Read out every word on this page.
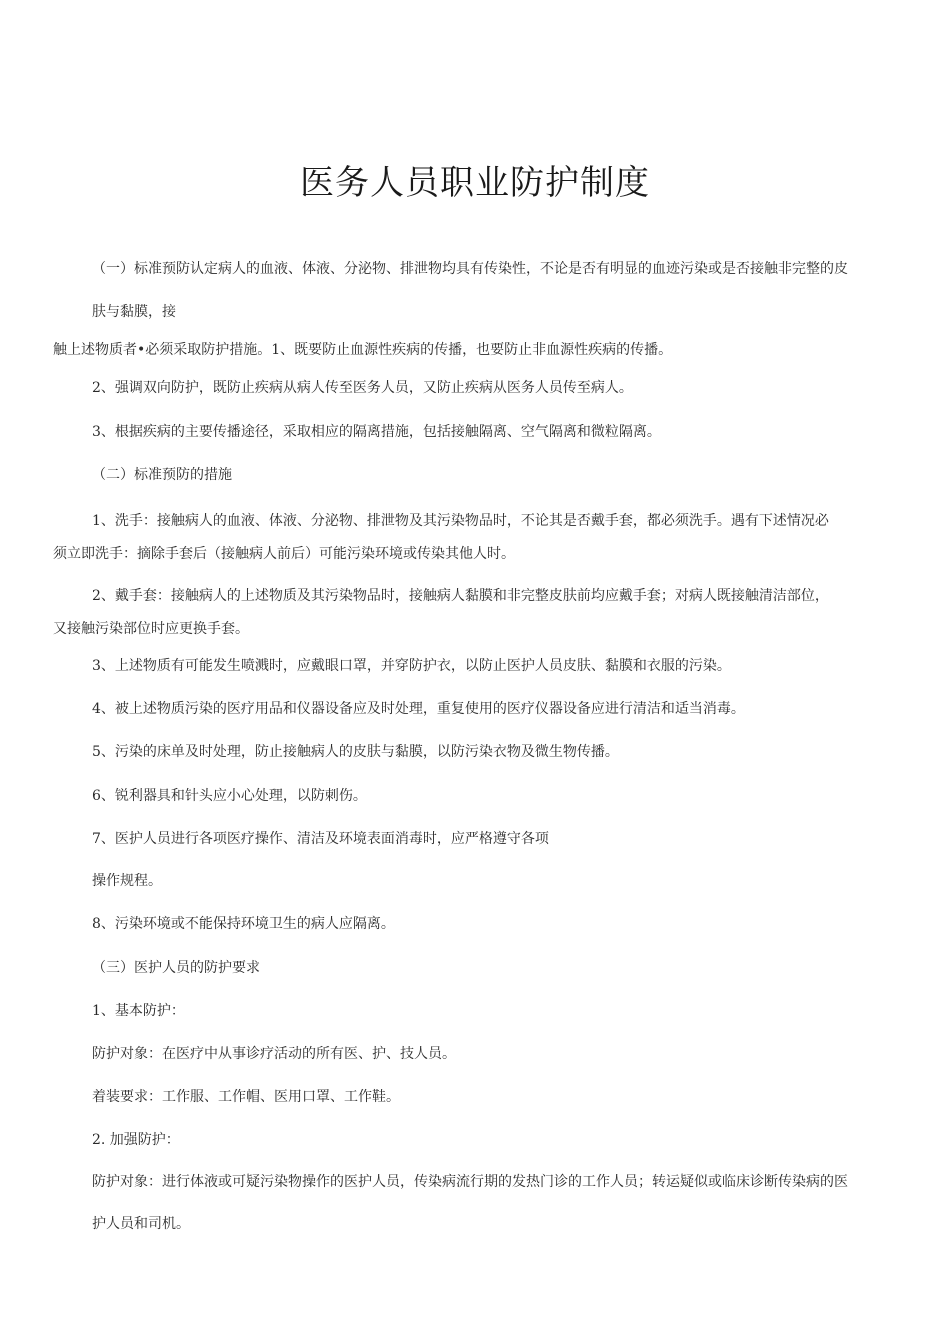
医务人员职业防护制度
（一）标准预防认定病人的血液、体液、分泌物、排泄物均具有传染性，不论是否有明显的血迹污染或是否接触非完整的皮
肤与黏膜，接
触上述物质者•必须采取防护措施。1、既要防止血源性疾病的传播，也要防止非血源性疾病的传播。
2、强调双向防护，既防止疾病从病人传至医务人员，又防止疾病从医务人员传至病人。
3、根据疾病的主要传播途径，采取相应的隔离措施，包括接触隔离、空气隔离和微粒隔离。
（二）标准预防的措施
1、洗手：接触病人的血液、体液、分泌物、排泄物及其污染物品时，不论其是否戴手套，都必须洗手。遇有下述情况必
须立即洗手：摘除手套后（接触病人前后）可能污染环境或传染其他人时。
2、戴手套：接触病人的上述物质及其污染物品时，接触病人黏膜和非完整皮肤前均应戴手套；对病人既接触清洁部位，
又接触污染部位时应更换手套。
3、上述物质有可能发生喷溅时，应戴眼口罩，并穿防护衣，以防止医护人员皮肤、黏膜和衣服的污染。
4、被上述物质污染的医疗用品和仪器设备应及时处理，重复使用的医疗仪器设备应进行清洁和适当消毒。
5、污染的床单及时处理，防止接触病人的皮肤与黏膜，以防污染衣物及微生物传播。
6、锐利器具和针头应小心处理，以防刺伤。
7、医护人员进行各项医疗操作、清洁及环境表面消毒时，应严格遵守各项
操作规程。
8、污染环境或不能保持环境卫生的病人应隔离。
（三）医护人员的防护要求
1、基本防护：
防护对象：在医疗中从事诊疗活动的所有医、护、技人员。
着装要求：工作服、工作帽、医用口罩、工作鞋。
2. 加强防护：
防护对象：进行体液或可疑污染物操作的医护人员，传染病流行期的发热门诊的工作人员；转运疑似或临床诊断传染病的医
护人员和司机。
